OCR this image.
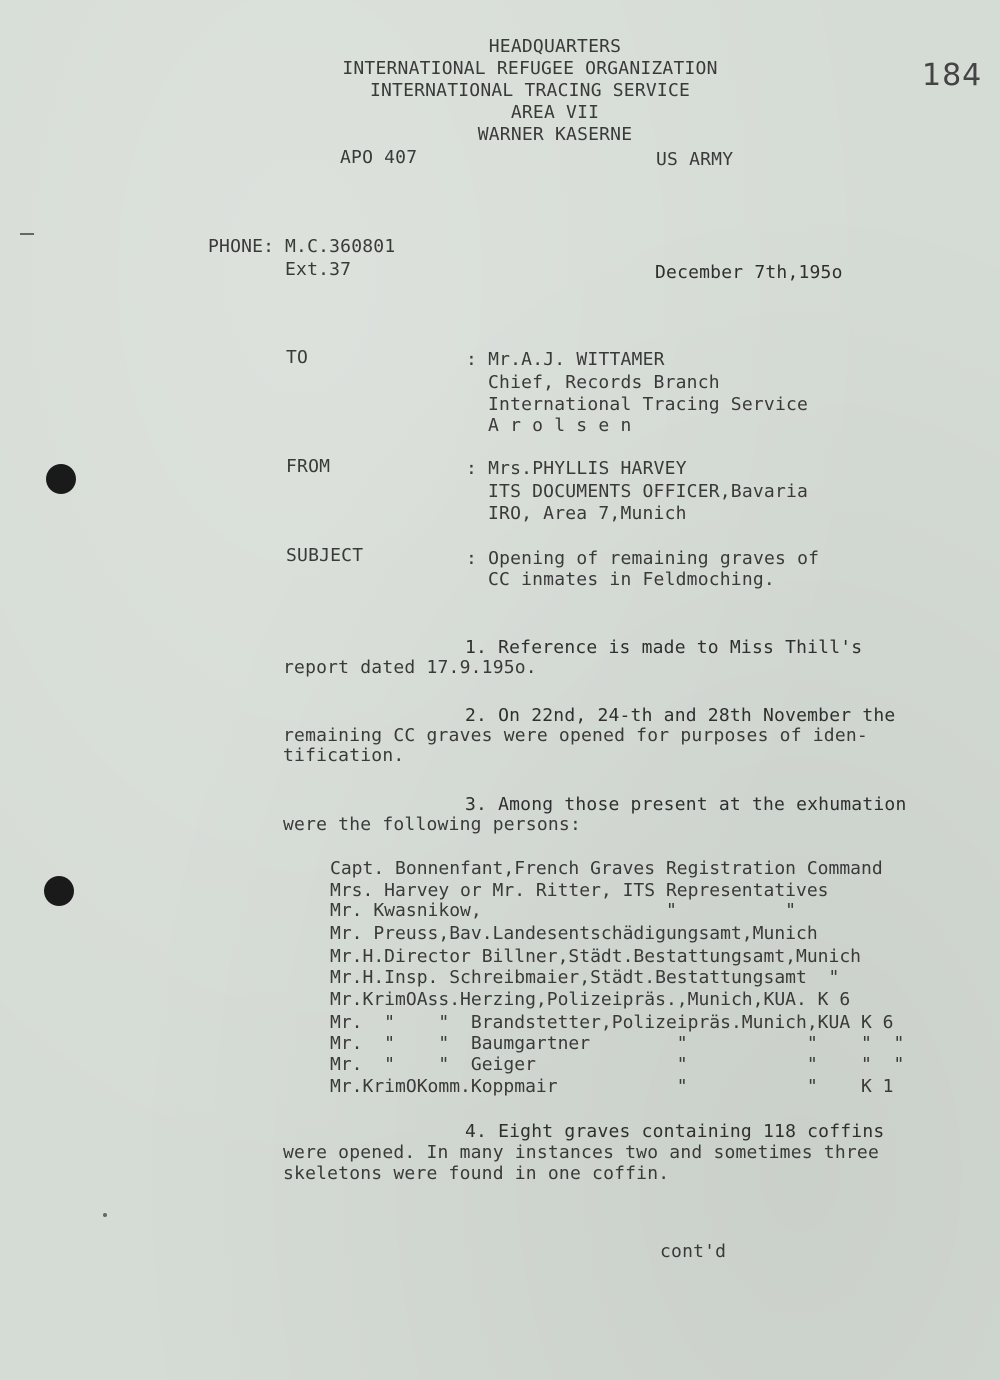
184
HEADQUARTERS
INTERNATIONAL REFUGEE ORGANIZATION
INTERNATIONAL TRACING SERVICE
AREA VII
WARNER KASERNE
APO 407	US ARMY
PHONE: M.C.360801
Ext.37	December 7th,195o
TO	: Mr.A.J. WITTAMER
Chief, Records Branch
International Tracing Service
A r o l s e n
FROM	: Mrs.PHYLLIS HARVEY
ITS DOCUMENTS OFFICER,Bavaria
IRO, Area 7,Munich
SUBJECT	: Opening of remaining graves of
CC inmates in Feldmoching.
1. Reference is made to Miss Thill's
report dated 17.9.195o.
2. On 22nd, 24-th and 28th November the
remaining CC graves were opened for purposes of iden-
tification.
3. Among those present at the exhumation
were the following persons:
Capt. Bonnenfant,French Graves Registration Command
Mrs. Harvey or Mr. Ritter, ITS Representatives
Mr. Kwasnikow,                 "          "
Mr. Preuss,Bav.Landesentschädigungsamt,Munich
Mr.H.Director Billner,Städt.Bestattungsamt,Munich
Mr.H.Insp. Schreibmaier,Städt.Bestattungsamt  "
Mr.KrimOAss.Herzing,Polizeipräs.,Munich,KUA. K 6
Mr.  "    "  Brandstetter,Polizeipräs.Munich,KUA K 6
Mr.  "    "  Baumgartner        "           "    "  "
Mr.  "    "  Geiger             "           "    "  "
Mr.KrimOKomm.Koppmair           "           "    K 1
4. Eight graves containing 118 coffins
were opened. In many instances two and sometimes three
skeletons were found in one coffin.
cont'd
